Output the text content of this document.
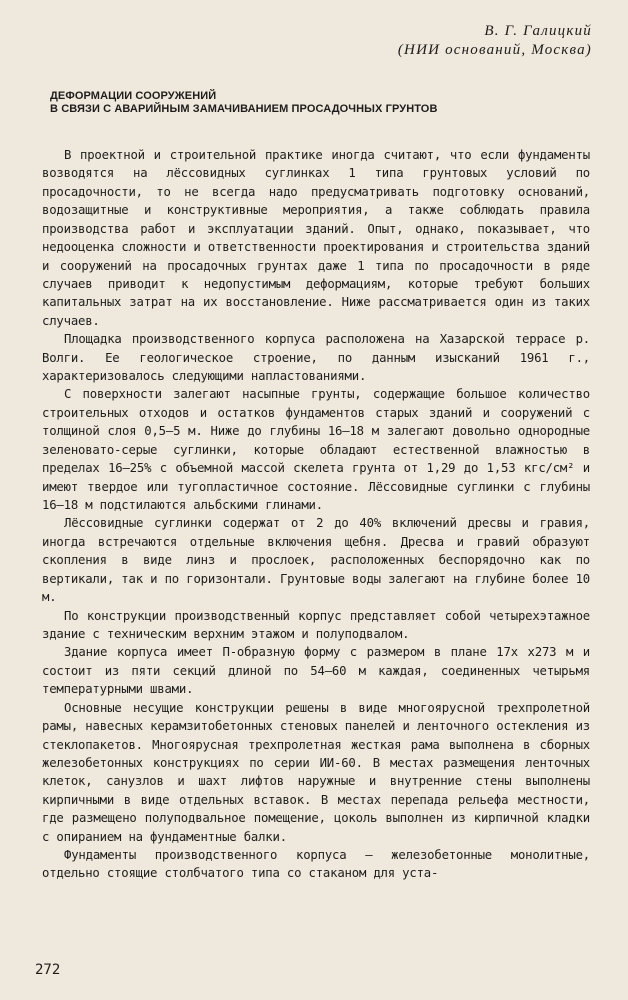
В. Г. Галицкий
(НИИ оснований, Москва)
ДЕФОРМАЦИИ СООРУЖЕНИЙ
В СВЯЗИ С АВАРИЙНЫМ ЗАМАЧИВАНИЕМ ПРОСАДОЧНЫХ ГРУНТОВ

В проектной и строительной практике иногда считают, что если фундаменты возводятся на лёссовидных суглинках 1 типа грунтовых условий по просадочности, то не всегда надо предусматривать подготовку оснований, водозащитные и конструктивные мероприятия, а также соблюдать правила производства работ и эксплуатации зданий. Опыт, однако, показывает, что недооценка сложности и ответственности проектирования и строительства зданий и сооружений на просадочных грунтах даже 1 типа по просадочности в ряде случаев приводит к недопустимым деформациям, которые требуют больших капитальных затрат на их восстановление. Ниже рассматривается один из таких случаев.

Площадка производственного корпуса расположена на Хазарской террасе р. Волги. Ее геологическое строение, по данным изысканий 1961 г., характеризовалось следующими напластованиями.

С поверхности залегают насыпные грунты, содержащие большое количество строительных отходов и остатков фундаментов старых зданий и сооружений с толщиной слоя 0,5–5 м. Ниже до глубины 16–18 м залегают довольно однородные зеленовато-серые суглинки, которые обладают естественной влажностью в пределах 16–25% с объемной массой скелета грунта от 1,29 до 1,53 кгс/см² и имеют твердое или тугопластичное состояние. Лёссовидные суглинки с глубины 16–18 м подстилаются альбскими глинами.

Лёссовидные суглинки содержат от 2 до 40% включений дресвы и гравия, иногда встречаются отдельные включения щебня. Дресва и гравий образуют скопления в виде линз и прослоек, расположенных беспорядочно как по вертикали, так и по горизонтали. Грунтовые воды залегают на глубине более 10 м.

По конструкции производственный корпус представляет собой четырехэтажное здание с техническим верхним этажом и полуподвалом.

Здание корпуса имеет П-образную форму с размером в плане 17х х273 м и состоит из пяти секций длиной по 54–60 м каждая, соединенных четырьмя температурными швами.

Основные несущие конструкции решены в виде многоярусной трехпролетной рамы, навесных керамзитобетонных стеновых панелей и ленточного остекления из стеклопакетов. Многоярусная трехпролетная жесткая рама выполнена в сборных железобетонных конструкциях по серии ИИ-60. В местах размещения ленточных клеток, санузлов и шахт лифтов наружные и внутренние стены выполнены кирпичными в виде отдельных вставок. В местах перепада рельефа местности, где размещено полуподвальное помещение, цоколь выполнен из кирпичной кладки с опиранием на фундаментные балки.

Фундаменты производственного корпуса – железобетонные монолитные, отдельно стоящие столбчатого типа со стаканом для уста-

272
